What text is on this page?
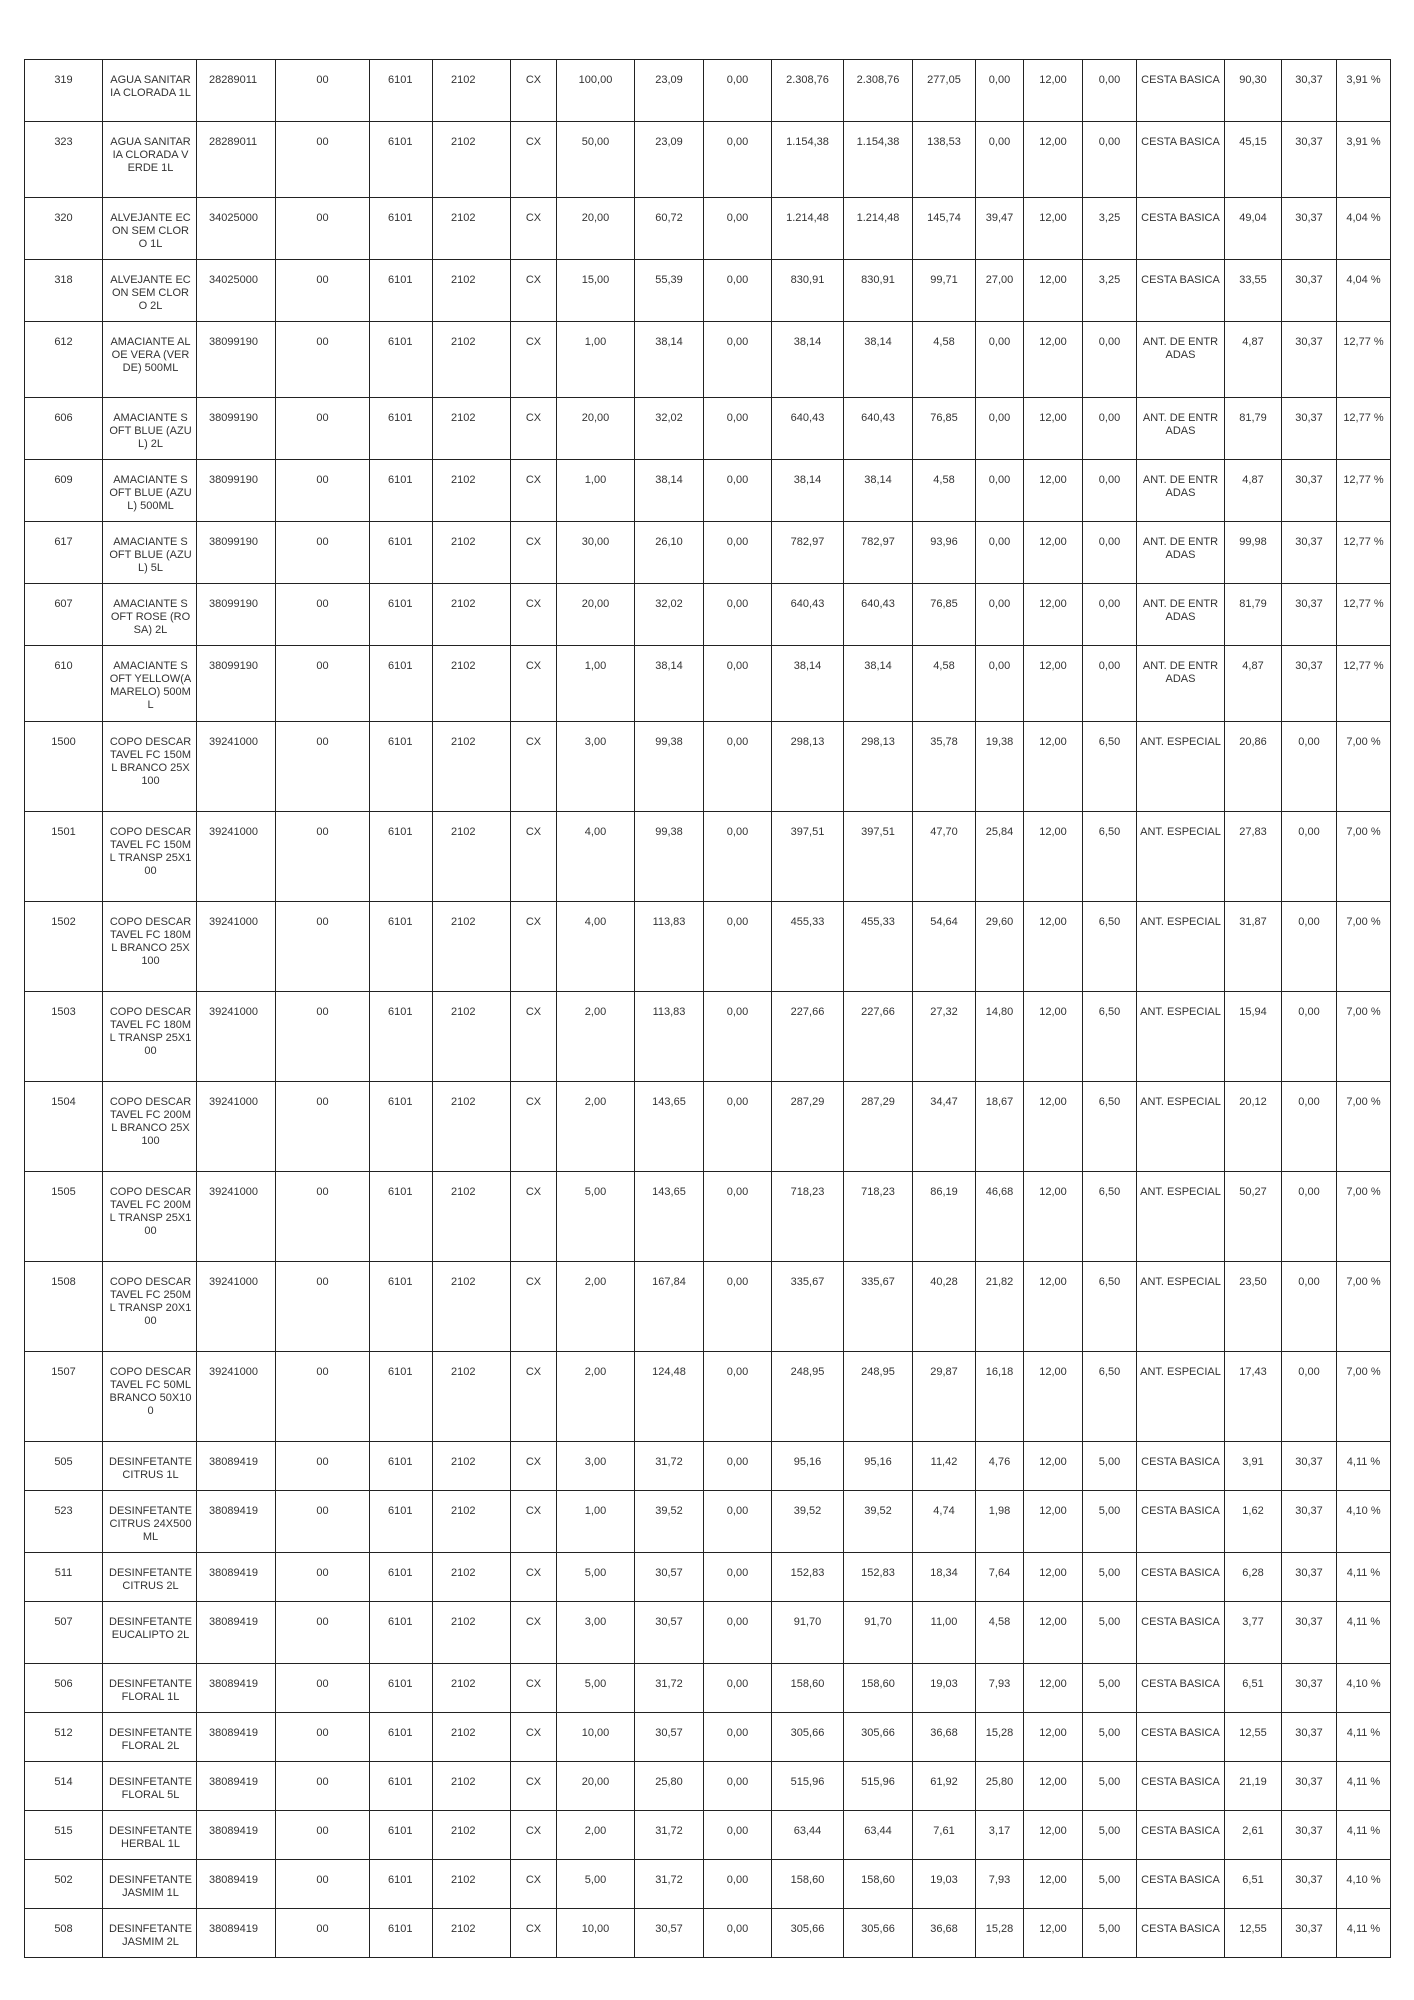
319	AGUA SANITARIA CLORADA 1L	28289011	00	6101	2102	CX	100,00	23,09	0,00	2.308,76	2.308,76	277,05	0,00	12,00	0,00	CESTA BASICA	90,30	30,37	3,91 %
323	AGUA SANITARIA CLORADA VERDE 1L	28289011	00	6101	2102	CX	50,00	23,09	0,00	1.154,38	1.154,38	138,53	0,00	12,00	0,00	CESTA BASICA	45,15	30,37	3,91 %
320	ALVEJANTE ECON SEM CLORO 1L	34025000	00	6101	2102	CX	20,00	60,72	0,00	1.214,48	1.214,48	145,74	39,47	12,00	3,25	CESTA BASICA	49,04	30,37	4,04 %
318	ALVEJANTE ECON SEM CLORO 2L	34025000	00	6101	2102	CX	15,00	55,39	0,00	830,91	830,91	99,71	27,00	12,00	3,25	CESTA BASICA	33,55	30,37	4,04 %
612	AMACIANTE ALOE VERA (VERDE) 500ML	38099190	00	6101	2102	CX	1,00	38,14	0,00	38,14	38,14	4,58	0,00	12,00	0,00	ANT. DE ENTRADAS	4,87	30,37	12,77 %
606	AMACIANTE SOFT BLUE (AZUL) 2L	38099190	00	6101	2102	CX	20,00	32,02	0,00	640,43	640,43	76,85	0,00	12,00	0,00	ANT. DE ENTRADAS	81,79	30,37	12,77 %
609	AMACIANTE SOFT BLUE (AZUL) 500ML	38099190	00	6101	2102	CX	1,00	38,14	0,00	38,14	38,14	4,58	0,00	12,00	0,00	ANT. DE ENTRADAS	4,87	30,37	12,77 %
617	AMACIANTE SOFT BLUE (AZUL) 5L	38099190	00	6101	2102	CX	30,00	26,10	0,00	782,97	782,97	93,96	0,00	12,00	0,00	ANT. DE ENTRADAS	99,98	30,37	12,77 %
607	AMACIANTE SOFT ROSE (ROSA) 2L	38099190	00	6101	2102	CX	20,00	32,02	0,00	640,43	640,43	76,85	0,00	12,00	0,00	ANT. DE ENTRADAS	81,79	30,37	12,77 %
610	AMACIANTE SOFT YELLOW(AMARELO) 500ML	38099190	00	6101	2102	CX	1,00	38,14	0,00	38,14	38,14	4,58	0,00	12,00	0,00	ANT. DE ENTRADAS	4,87	30,37	12,77 %
1500	COPO DESCARTAVEL FC 150ML BRANCO 25X100	39241000	00	6101	2102	CX	3,00	99,38	0,00	298,13	298,13	35,78	19,38	12,00	6,50	ANT. ESPECIAL	20,86	0,00	7,00 %
1501	COPO DESCARTAVEL FC 150ML TRANSP 25X100	39241000	00	6101	2102	CX	4,00	99,38	0,00	397,51	397,51	47,70	25,84	12,00	6,50	ANT. ESPECIAL	27,83	0,00	7,00 %
1502	COPO DESCARTAVEL FC 180ML BRANCO 25X100	39241000	00	6101	2102	CX	4,00	113,83	0,00	455,33	455,33	54,64	29,60	12,00	6,50	ANT. ESPECIAL	31,87	0,00	7,00 %
1503	COPO DESCARTAVEL FC 180ML TRANSP 25X100	39241000	00	6101	2102	CX	2,00	113,83	0,00	227,66	227,66	27,32	14,80	12,00	6,50	ANT. ESPECIAL	15,94	0,00	7,00 %
1504	COPO DESCARTAVEL FC 200ML BRANCO 25X100	39241000	00	6101	2102	CX	2,00	143,65	0,00	287,29	287,29	34,47	18,67	12,00	6,50	ANT. ESPECIAL	20,12	0,00	7,00 %
1505	COPO DESCARTAVEL FC 200ML TRANSP 25X100	39241000	00	6101	2102	CX	5,00	143,65	0,00	718,23	718,23	86,19	46,68	12,00	6,50	ANT. ESPECIAL	50,27	0,00	7,00 %
1508	COPO DESCARTAVEL FC 250ML TRANSP 20X100	39241000	00	6101	2102	CX	2,00	167,84	0,00	335,67	335,67	40,28	21,82	12,00	6,50	ANT. ESPECIAL	23,50	0,00	7,00 %
1507	COPO DESCARTAVEL FC 50ML BRANCO 50X100	39241000	00	6101	2102	CX	2,00	124,48	0,00	248,95	248,95	29,87	16,18	12,00	6,50	ANT. ESPECIAL	17,43	0,00	7,00 %
505	DESINFETANTE CITRUS 1L	38089419	00	6101	2102	CX	3,00	31,72	0,00	95,16	95,16	11,42	4,76	12,00	5,00	CESTA BASICA	3,91	30,37	4,11 %
523	DESINFETANTE CITRUS 24X500ML	38089419	00	6101	2102	CX	1,00	39,52	0,00	39,52	39,52	4,74	1,98	12,00	5,00	CESTA BASICA	1,62	30,37	4,10 %
511	DESINFETANTE CITRUS 2L	38089419	00	6101	2102	CX	5,00	30,57	0,00	152,83	152,83	18,34	7,64	12,00	5,00	CESTA BASICA	6,28	30,37	4,11 %
507	DESINFETANTE EUCALIPTO 2L	38089419	00	6101	2102	CX	3,00	30,57	0,00	91,70	91,70	11,00	4,58	12,00	5,00	CESTA BASICA	3,77	30,37	4,11 %
506	DESINFETANTE FLORAL 1L	38089419	00	6101	2102	CX	5,00	31,72	0,00	158,60	158,60	19,03	7,93	12,00	5,00	CESTA BASICA	6,51	30,37	4,10 %
512	DESINFETANTE FLORAL 2L	38089419	00	6101	2102	CX	10,00	30,57	0,00	305,66	305,66	36,68	15,28	12,00	5,00	CESTA BASICA	12,55	30,37	4,11 %
514	DESINFETANTE FLORAL 5L	38089419	00	6101	2102	CX	20,00	25,80	0,00	515,96	515,96	61,92	25,80	12,00	5,00	CESTA BASICA	21,19	30,37	4,11 %
515	DESINFETANTE HERBAL 1L	38089419	00	6101	2102	CX	2,00	31,72	0,00	63,44	63,44	7,61	3,17	12,00	5,00	CESTA BASICA	2,61	30,37	4,11 %
502	DESINFETANTE JASMIM 1L	38089419	00	6101	2102	CX	5,00	31,72	0,00	158,60	158,60	19,03	7,93	12,00	5,00	CESTA BASICA	6,51	30,37	4,10 %
508	DESINFETANTE JASMIM 2L	38089419	00	6101	2102	CX	10,00	30,57	0,00	305,66	305,66	36,68	15,28	12,00	5,00	CESTA BASICA	12,55	30,37	4,11 %
